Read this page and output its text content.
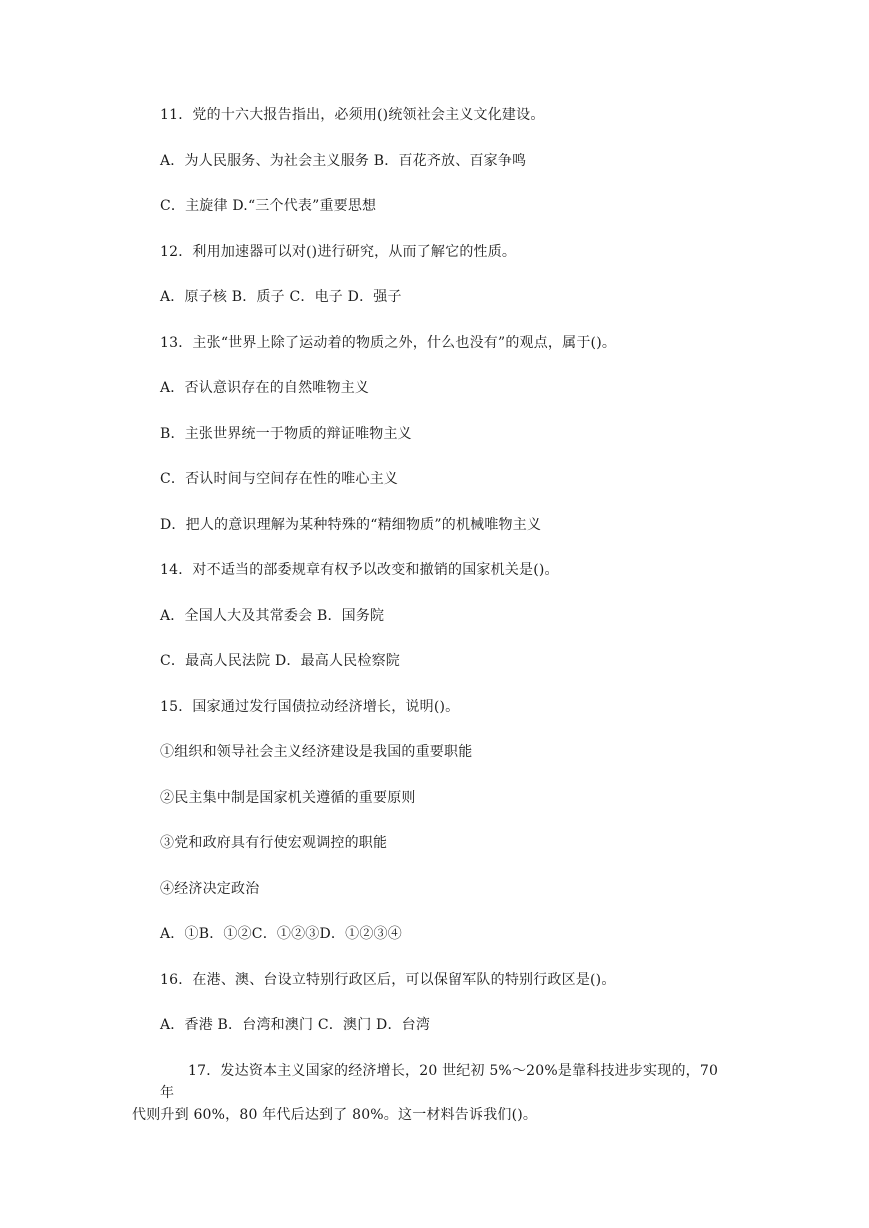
11．党的十六大报告指出，必须用()统领社会主义文化建设。
A．为人民服务、为社会主义服务 B．百花齐放、百家争鸣
C．主旋律 D.“三个代表”重要思想
12．利用加速器可以对()进行研究，从而了解它的性质。
A．原子核 B．质子 C．电子 D．强子
13．主张“世界上除了运动着的物质之外，什么也没有”的观点，属于()。
A．否认意识存在的自然唯物主义
B．主张世界统一于物质的辩证唯物主义
C．否认时间与空间存在性的唯心主义
D．把人的意识理解为某种特殊的“精细物质”的机械唯物主义
14．对不适当的部委规章有权予以改变和撤销的国家机关是()。
A．全国人大及其常委会 B．国务院
C．最高人民法院 D．最高人民检察院
15．国家通过发行国债拉动经济增长，说明()。
①组织和领导社会主义经济建设是我国的重要职能
②民主集中制是国家机关遵循的重要原则
③党和政府具有行使宏观调控的职能
④经济决定政治
A．①B．①②C．①②③D．①②③④
16．在港、澳、台设立特别行政区后，可以保留军队的特别行政区是()。
A．香港 B．台湾和澳门 C．澳门 D．台湾
17．发达资本主义国家的经济增长，20 世纪初 5%～20%是靠科技进步实现的，70 年
代则升到 60%，80 年代后达到了 80%。这一材料告诉我们()。
